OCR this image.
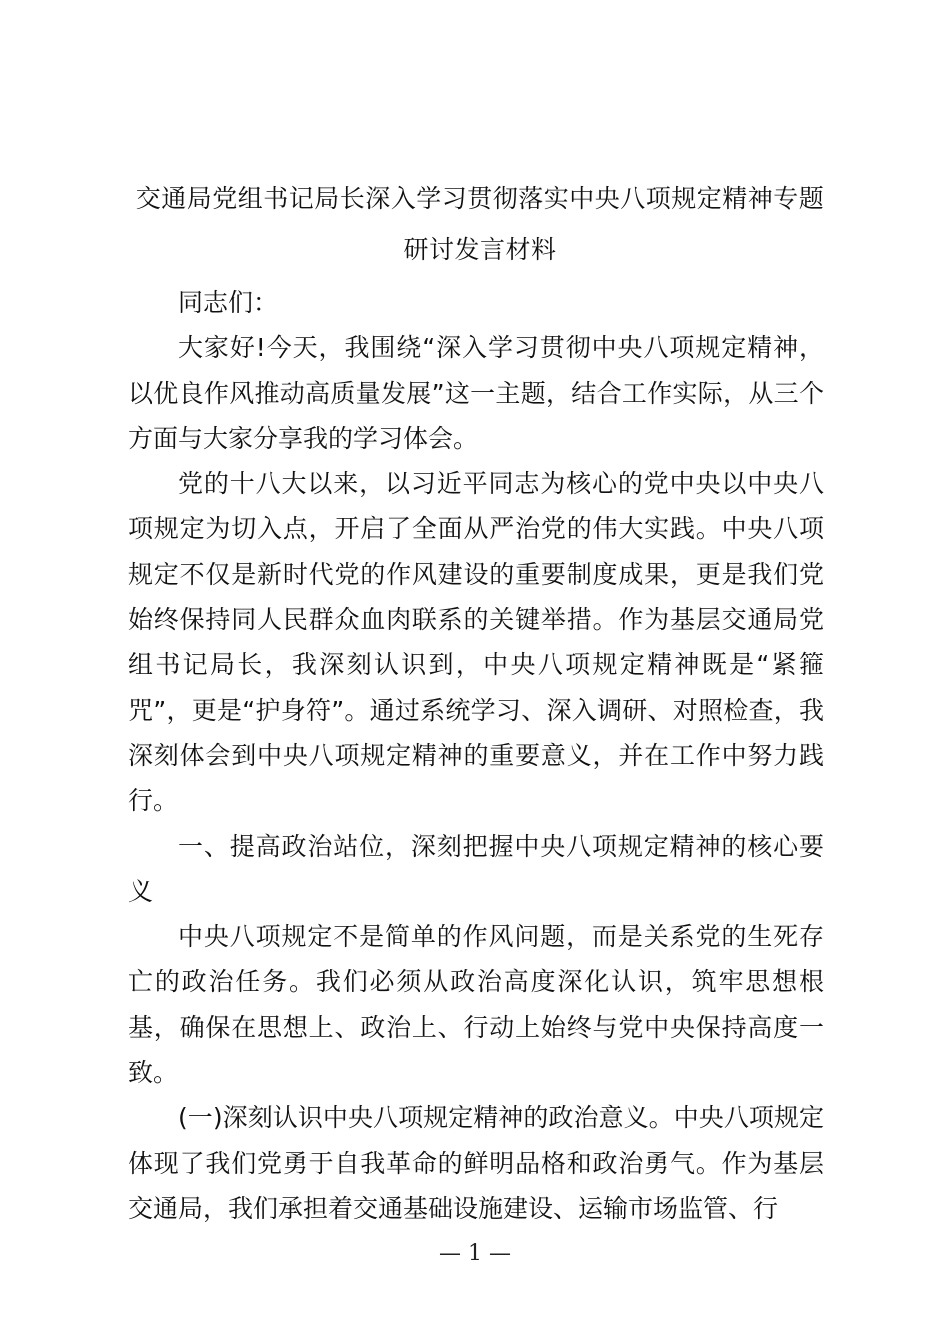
交通局党组书记局长深入学习贯彻落实中央八项规定精神专题
研讨发言材料

同志们：

大家好!今天，我围绕“深入学习贯彻中央八项规定精神，以优良作风推动高质量发展”这一主题，结合工作实际，从三个方面与大家分享我的学习体会。

党的十八大以来，以习近平同志为核心的党中央以中央八项规定为切入点，开启了全面从严治党的伟大实践。中央八项规定不仅是新时代党的作风建设的重要制度成果，更是我们党始终保持同人民群众血肉联系的关键举措。作为基层交通局党组书记局长，我深刻认识到，中央八项规定精神既是“紧箍咒”，更是“护身符”。通过系统学习、深入调研、对照检查，我深刻体会到中央八项规定精神的重要意义，并在工作中努力践行。

一、提高政治站位，深刻把握中央八项规定精神的核心要义

中央八项规定不是简单的作风问题，而是关系党的生死存亡的政治任务。我们必须从政治高度深化认识，筑牢思想根基，确保在思想上、政治上、行动上始终与党中央保持高度一致。

(一)深刻认识中央八项规定精神的政治意义。中央八项规定体现了我们党勇于自我革命的鲜明品格和政治勇气。作为基层交通局，我们承担着交通基础设施建设、运输市场监管、行

— 1 —
